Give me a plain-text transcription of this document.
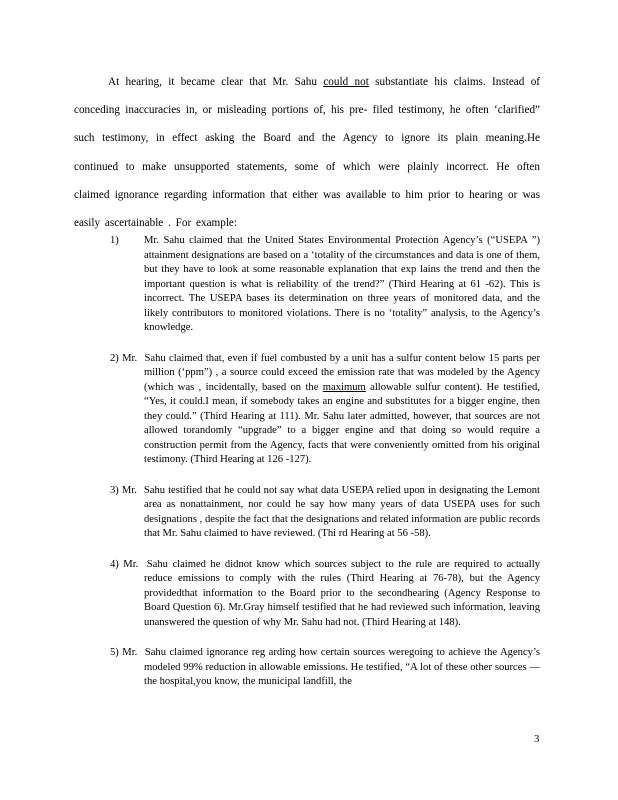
At hearing, it became clear that Mr. Sahu could not substantiate his claims. Instead of conceding inaccuracies in, or misleading portions of, his pre- filed testimony, he often ‘clarified” such testimony, in effect asking the Board and the Agency to ignore its plain meaning.He continued to make unsupported statements, some of which were plainly incorrect. He often claimed ignorance regarding information that either was available to him prior to hearing or was easily ascertainable . For example:

1) Mr. Sahu claimed that the United States Environmental Protection Agency’s (“USEPA ”) attainment designations are based on a ‘totality of the circumstances and data is one of them, but they have to look at some reasonable explanation that exp lains the trend and then the important question is what is reliability of the trend?” (Third Hearing at 61 -62). This is incorrect. The USEPA bases its determination on three years of monitored data, and the likely contributors to monitored violations. There is no ‘totality” analysis, to the Agency’s knowledge.
2) Mr. Sahu claimed that, even if fuel combusted by a unit has a sulfur content below 15 parts per million (‘ppm”) , a source could exceed the emission rate that was modeled by the Agency (which was , incidentally, based on the maximum allowable sulfur content). He testified, “Yes, it could.I mean, if somebody takes an engine and substitutes for a bigger engine, then they could.” (Third Hearing at 111). Mr. Sahu later admitted, however, that sources are not allowed torandomly “upgrade” to a bigger engine and that doing so would require a construction permit from the Agency, facts that were conveniently omitted from his original testimony. (Third Hearing at 126 -127).
3) Mr. Sahu testified that he could not say what data USEPA relied upon in designating the Lemont area as nonattainment, nor could he say how many years of data USEPA uses for such designations , despite the fact that the designations and related information are public records that Mr. Sahu claimed to have reviewed. (Thi rd Hearing at 56 -58).
4) Mr. Sahu claimed he didnot know which sources subject to the rule are required to actually reduce emissions to comply with the rules (Third Hearing at 76-78), but the Agency providedthat information to the Board prior to the secondhearing (Agency Response to Board Question 6). Mr.Gray himself testified that he had reviewed such information, leaving unanswered the question of why Mr. Sahu had not. (Third Hearing at 148).
5) Mr. Sahu claimed ignorance reg arding how certain sources weregoing to achieve the Agency’s modeled 99% reduction in allowable emissions. He testified, “A lot of these other sources —the hospital,you know, the municipal landfill, the
3
